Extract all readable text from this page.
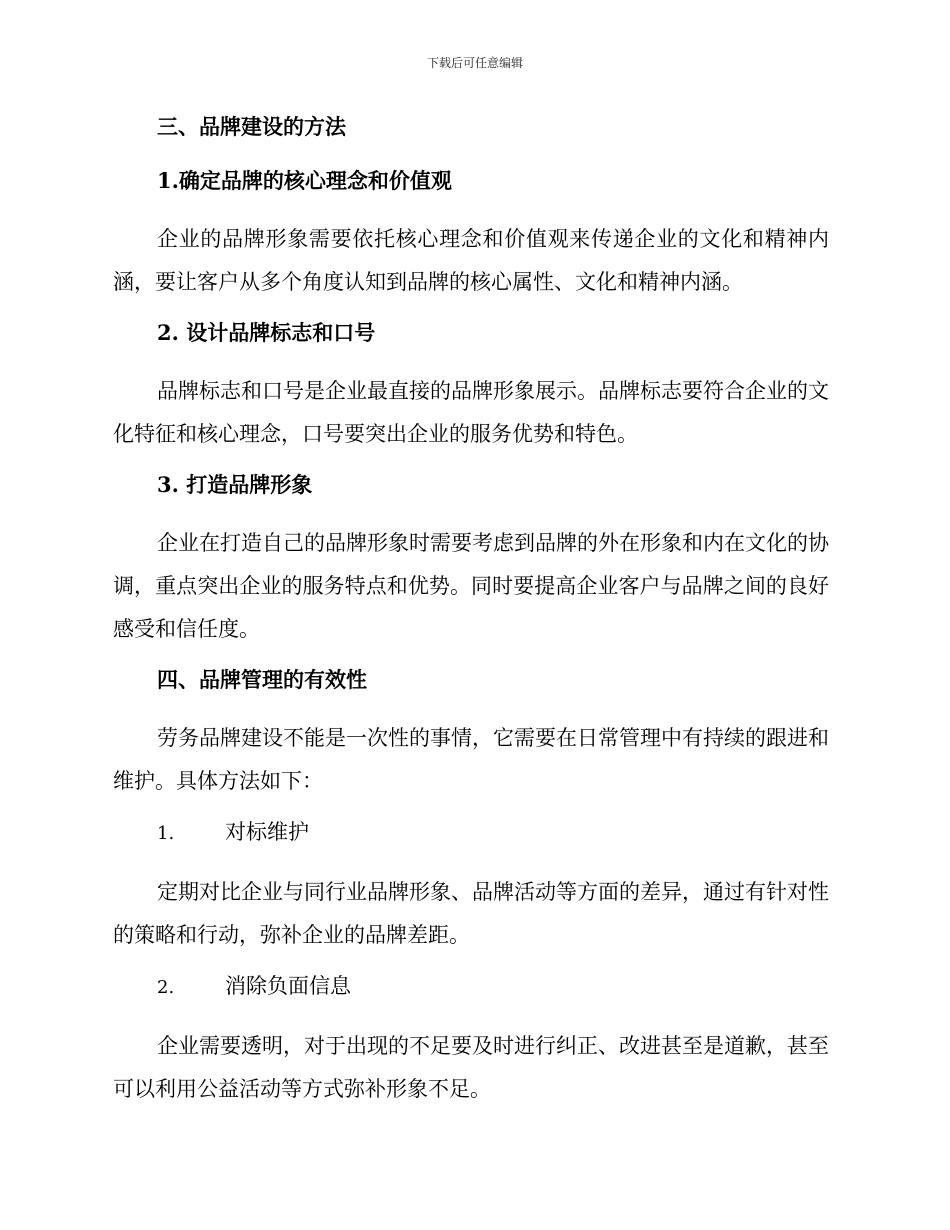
下载后可任意编辑
三、品牌建设的方法
1.确定品牌的核心理念和价值观
企业的品牌形象需要依托核心理念和价值观来传递企业的文化和精神内涵，要让客户从多个角度认知到品牌的核心属性、文化和精神内涵。
2. 设计品牌标志和口号
品牌标志和口号是企业最直接的品牌形象展示。品牌标志要符合企业的文化特征和核心理念，口号要突出企业的服务优势和特色。
3. 打造品牌形象
企业在打造自己的品牌形象时需要考虑到品牌的外在形象和内在文化的协调，重点突出企业的服务特点和优势。同时要提高企业客户与品牌之间的良好感受和信任度。
四、品牌管理的有效性
劳务品牌建设不能是一次性的事情，它需要在日常管理中有持续的跟进和维护。具体方法如下：
1. 对标维护
定期对比企业与同行业品牌形象、品牌活动等方面的差异，通过有针对性的策略和行动，弥补企业的品牌差距。
2. 消除负面信息
企业需要透明，对于出现的不足要及时进行纠正、改进甚至是道歉，甚至可以利用公益活动等方式弥补形象不足。
